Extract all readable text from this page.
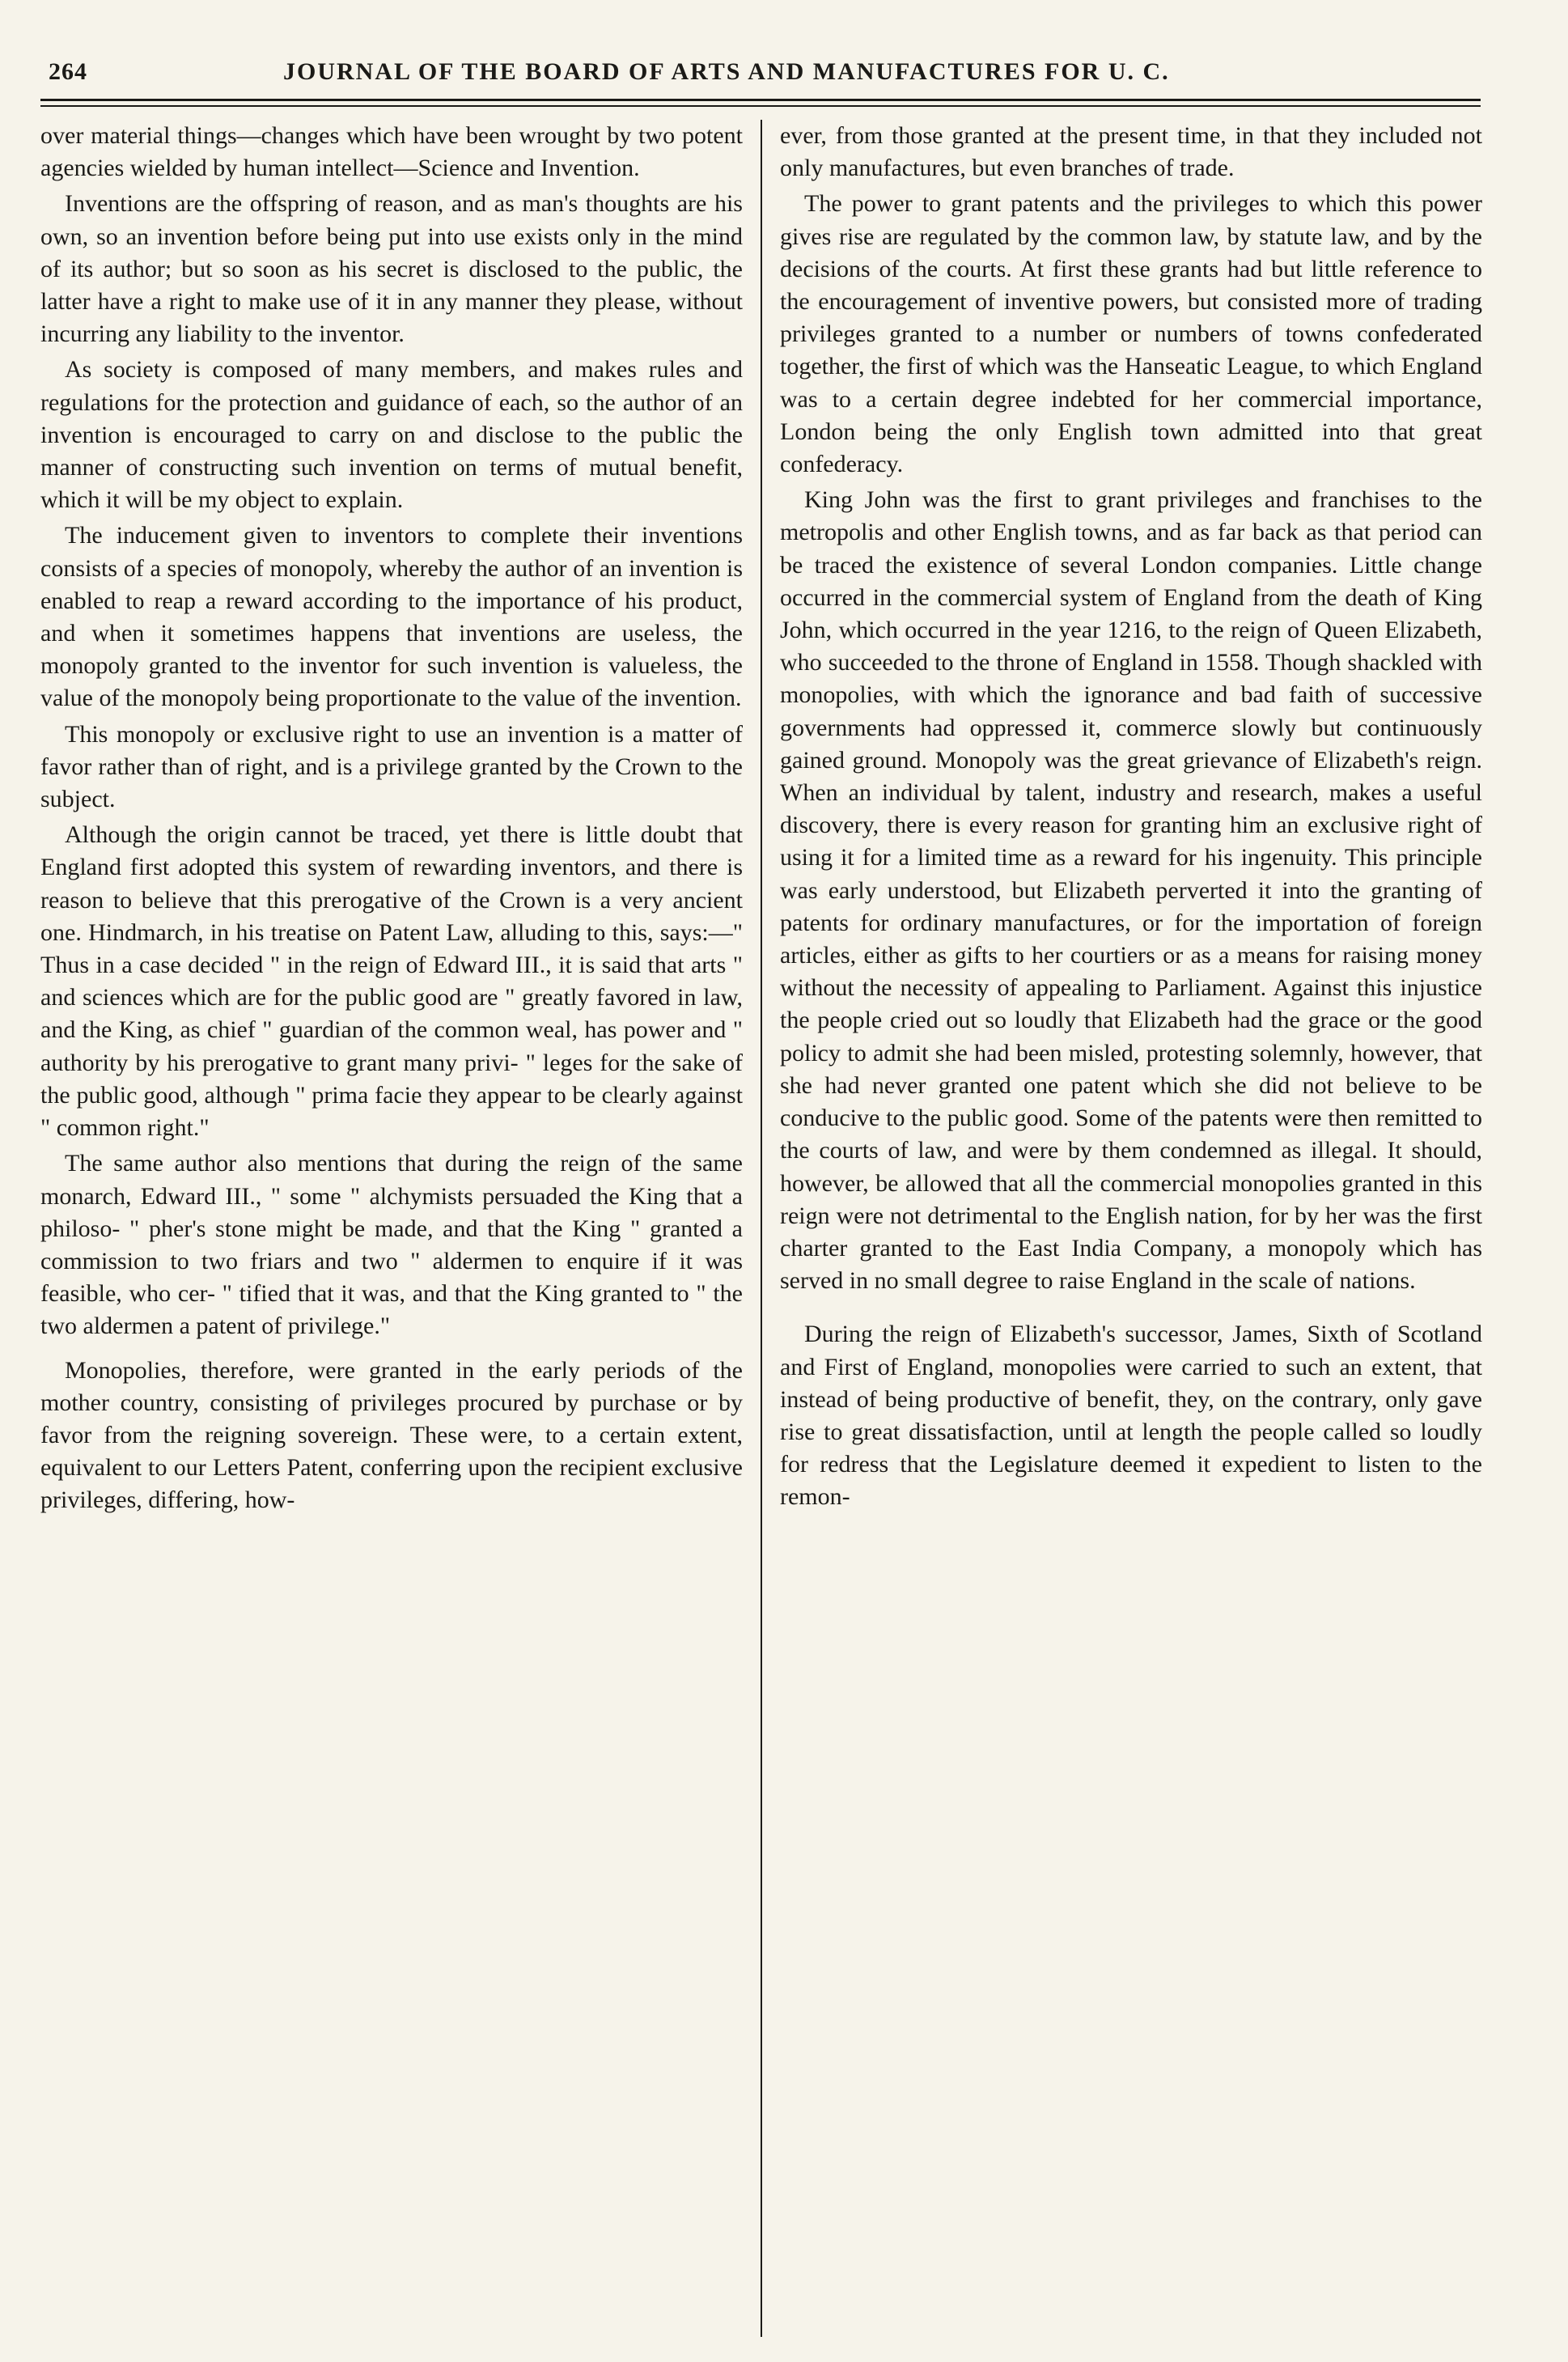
264	JOURNAL OF THE BOARD OF ARTS AND MANUFACTURES FOR U. C.

over material things—changes which have been wrought by two potent agencies wielded by human intellect—Science and Invention.

Inventions are the offspring of reason, and as man's thoughts are his own, so an invention before being put into use exists only in the mind of its author; but so soon as his secret is disclosed to the public, the latter have a right to make use of it in any manner they please, without incurring any liability to the inventor.

As society is composed of many members, and makes rules and regulations for the protection and guidance of each, so the author of an invention is encouraged to carry on and disclose to the public the manner of constructing such invention on terms of mutual benefit, which it will be my object to explain.

The inducement given to inventors to complete their inventions consists of a species of monopoly, whereby the author of an invention is enabled to reap a reward according to the importance of his product, and when it sometimes happens that inventions are useless, the monopoly granted to the inventor for such invention is valueless, the value of the monopoly being proportionate to the value of the invention.

This monopoly or exclusive right to use an invention is a matter of favor rather than of right, and is a privilege granted by the Crown to the subject.

Although the origin cannot be traced, yet there is little doubt that England first adopted this system of rewarding inventors, and there is reason to believe that this prerogative of the Crown is a very ancient one. Hindmarch, in his treatise on Patent Law, alluding to this, says:—" Thus in a case decided " in the reign of Edward III., it is said that arts " and sciences which are for the public good are " greatly favored in law, and the King, as chief " guardian of the common weal, has power and " authority by his prerogative to grant many privi- " leges for the sake of the public good, although " prima facie they appear to be clearly against " common right."

The same author also mentions that during the reign of the same monarch, Edward III., " some " alchymists persuaded the King that a philoso- " pher's stone might be made, and that the King " granted a commission to two friars and two " aldermen to enquire if it was feasible, who cer- " tified that it was, and that the King granted to " the two aldermen a patent of privilege."

Monopolies, therefore, were granted in the early periods of the mother country, consisting of privileges procured by purchase or by favor from the reigning sovereign. These were, to a certain extent, equivalent to our Letters Patent, conferring upon the recipient exclusive privileges, differing, how-

ever, from those granted at the present time, in that they included not only manufactures, but even branches of trade.

The power to grant patents and the privileges to which this power gives rise are regulated by the common law, by statute law, and by the decisions of the courts. At first these grants had but little reference to the encouragement of inventive powers, but consisted more of trading privileges granted to a number or numbers of towns confederated together, the first of which was the Hanseatic League, to which England was to a certain degree indebted for her commercial importance, London being the only English town admitted into that great confederacy.

King John was the first to grant privileges and franchises to the metropolis and other English towns, and as far back as that period can be traced the existence of several London companies. Little change occurred in the commercial system of England from the death of King John, which occurred in the year 1216, to the reign of Queen Elizabeth, who succeeded to the throne of England in 1558. Though shackled with monopolies, with which the ignorance and bad faith of successive governments had oppressed it, commerce slowly but continuously gained ground. Monopoly was the great grievance of Elizabeth's reign. When an individual by talent, industry and research, makes a useful discovery, there is every reason for granting him an exclusive right of using it for a limited time as a reward for his ingenuity. This principle was early understood, but Elizabeth perverted it into the granting of patents for ordinary manufactures, or for the importation of foreign articles, either as gifts to her courtiers or as a means for raising money without the necessity of appealing to Parliament. Against this injustice the people cried out so loudly that Elizabeth had the grace or the good policy to admit she had been misled, protesting solemnly, however, that she had never granted one patent which she did not believe to be conducive to the public good. Some of the patents were then remitted to the courts of law, and were by them condemned as illegal. It should, however, be allowed that all the commercial monopolies granted in this reign were not detrimental to the English nation, for by her was the first charter granted to the East India Company, a monopoly which has served in no small degree to raise England in the scale of nations.

During the reign of Elizabeth's successor, James, Sixth of Scotland and First of England, monopolies were carried to such an extent, that instead of being productive of benefit, they, on the contrary, only gave rise to great dissatisfaction, until at length the people called so loudly for redress that the Legislature deemed it expedient to listen to the remon-
